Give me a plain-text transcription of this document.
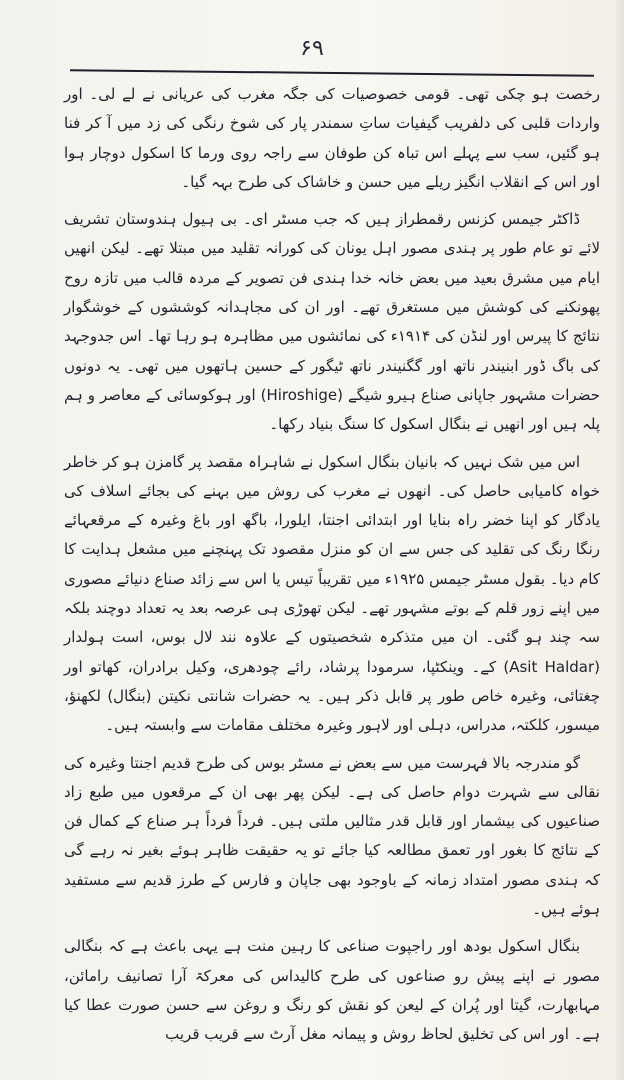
۶۹

رخصت ہو چکی تھی۔ قومی خصوصیات کی جگہ مغرب کی عریانی نے لے لی۔ اور واردات قلبی کی دلفریب گیفیات ساتِ سمندر پار کی شوخ رنگی کی زد میں آ کر فنا ہو گئیں، سب سے پہلے اس تباہ کن طوفان سے راجہ روی ورما کا اسکول دوچار ہوا اور اس کے انقلاب انگیز ریلے میں حسن و خاشاک کی طرح بہہ گیا۔

ڈاکٹر جیمس کزنس رقمطراز ہیں کہ جب مسٹر ای۔ بی ہیول ہندوستان تشریف لائے تو عام طور پر ہندی مصور اہل یونان کی کورانہ تقلید میں مبتلا تھے۔ لیکن انھیں ایام میں مشرق بعید میں بعض خانہ خدا ہندی فن تصویر کے مردہ قالب میں تازہ روح پھونکنے کی کوشش میں مستغرق تھے۔ اور ان کی مجاہدانہ کوششوں کے خوشگوار نتائج کا پیرس اور لنڈن کی ۱۹۱۴ء کی نمائشوں میں مظاہرہ ہو رہا تھا۔ اس جدوجہد کی باگ ڈور ابنیندر ناتھ اور گگنیندر ناتھ ٹیگور کے حسین ہاتھوں میں تھی۔ یہ دونوں حضرات مشہور جاپانی صناع ہیرو شیگے (Hiroshige) اور ہوکوسائی کے معاصر و ہم پلہ ہیں اور انھیں نے بنگال اسکول کا سنگ بنیاد رکھا۔

اس میں شک نہیں کہ بانیان بنگال اسکول نے شاہراہ مقصد پر گامزن ہو کر خاطر خواہ کامیابی حاصل کی۔ انھوں نے مغرب کی روش میں بہنے کی بجائے اسلاف کی یادگار کو اپنا خضر راہ بنایا اور ابتدائی اجنتا، ایلورا، باگھ اور باغ وغیرہ کے مرقعہائے رنگا رنگ کی تقلید کی جس سے ان کو منزل مقصود تک پہنچنے میں مشعل ہدایت کا کام دیا۔ بقول مسٹر جیمس ۱۹۲۵ء میں تقریباً تیس یا اس سے زائد صناع دنیائے مصوری میں اپنے زور قلم کے بوتے مشہور تھے۔ لیکن تھوڑی ہی عرصہ بعد یہ تعداد دوچند بلکہ سہ چند ہو گئی۔ ان میں متذکرہ شخصیتوں کے علاوہ نند لال بوس، است ہولدار (Asit Haldar) کے۔ وینکٹپا، سرمودا پرشاد، رائے چودھری، وکیل برادران، کھاتو اور چغتائی، وغیرہ خاص طور پر قابل ذکر ہیں۔ یہ حضرات شانتی نکیتن (بنگال) لکھنؤ، میسور، کلکتہ، مدراس، دہلی اور لاہور وغیرہ مختلف مقامات سے وابستہ ہیں۔

گو مندرجہ بالا فہرست میں سے بعض نے مسٹر بوس کی طرح قدیم اجنتا وغیرہ کی نقالی سے شہرت دوام حاصل کی ہے۔ لیکن پھر بھی ان کے مرقعوں میں طبع زاد صناعیوں کی بیشمار اور قابل قدر مثالیں ملتی ہیں۔ فرداً فرداً ہر صناع کے کمال فن کے نتائج کا بغور اور تعمق مطالعہ کیا جائے تو یہ حقیقت ظاہر ہوئے بغیر نہ رہے گی کہ ہندی مصور امتداد زمانہ کے باوجود بھی جاپان و فارس کے طرز قدیم سے مستفید ہوئے ہیں۔

بنگال اسکول بودھ اور راجپوت صناعی کا رہین منت ہے یہی باعث ہے کہ بنگالی مصور نے اپنے پیش رو صناعوں کی طرح کالیداس کی معرکۃ آرا تصانیف رامائن، مہابھارت، گیتا اور پُران کے لیعن کو نقش کو رنگ و روغن سے حسن صورت عطا کیا ہے۔ اور اس کی تخلیق لحاظ روش و پیمانہ مغل آرٹ سے قریب قریب
